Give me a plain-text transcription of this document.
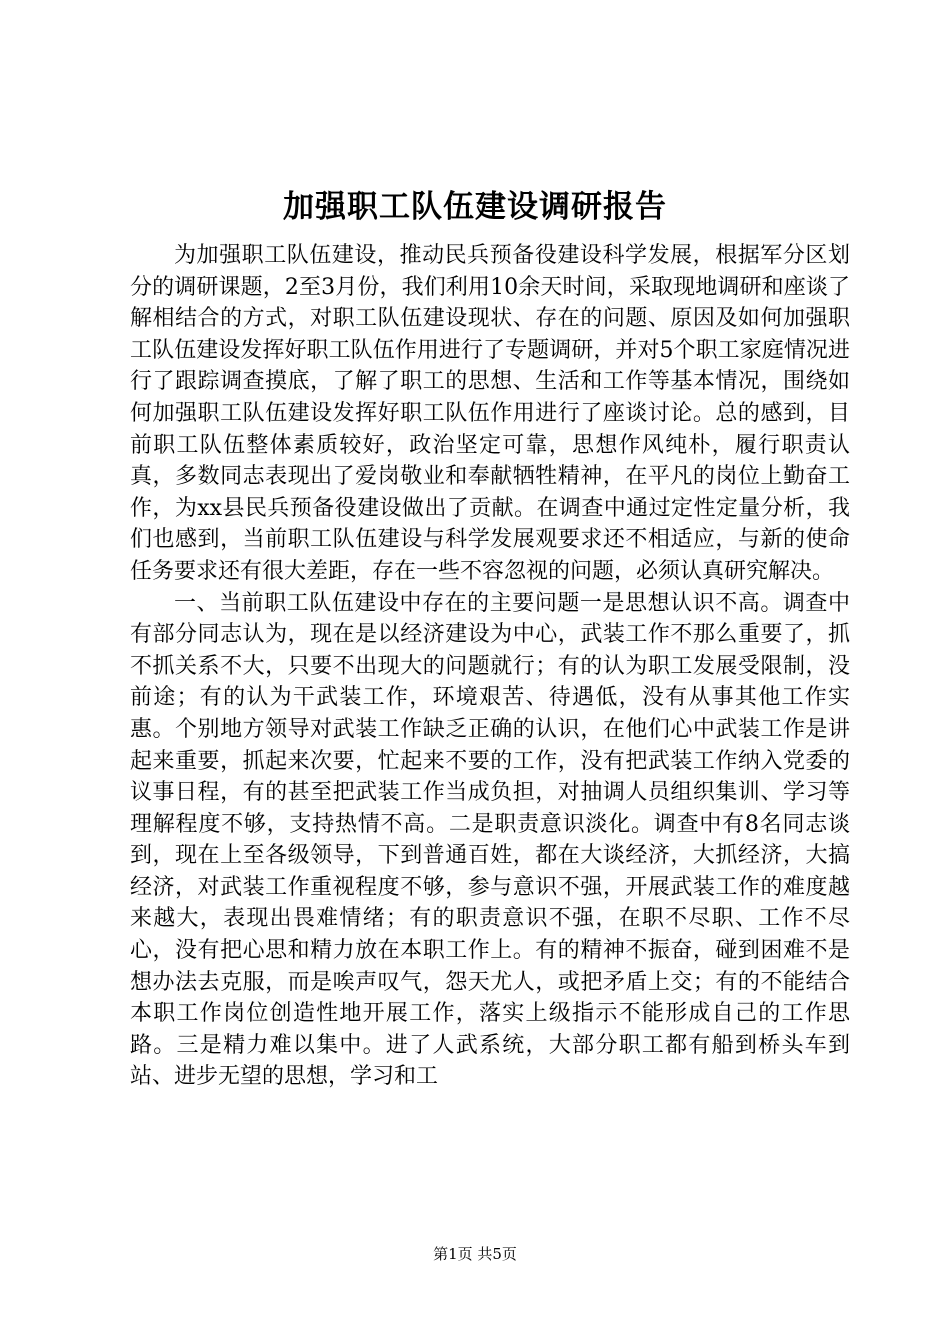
加强职工队伍建设调研报告

为加强职工队伍建设，推动民兵预备役建设科学发展，根据军分区划分的调研课题，2至3月份，我们利用10余天时间，采取现地调研和座谈了解相结合的方式，对职工队伍建设现状、存在的问题、原因及如何加强职工队伍建设发挥好职工队伍作用进行了专题调研，并对5个职工家庭情况进行了跟踪调查摸底，了解了职工的思想、生活和工作等基本情况，围绕如何加强职工队伍建设发挥好职工队伍作用进行了座谈讨论。总的感到，目前职工队伍整体素质较好，政治坚定可靠，思想作风纯朴，履行职责认真，多数同志表现出了爱岗敬业和奉献牺牲精神，在平凡的岗位上勤奋工作，为xx县民兵预备役建设做出了贡献。在调查中通过定性定量分析，我们也感到，当前职工队伍建设与科学发展观要求还不相适应，与新的使命任务要求还有很大差距，存在一些不容忽视的问题，必须认真研究解决。

一、当前职工队伍建设中存在的主要问题一是思想认识不高。调查中有部分同志认为，现在是以经济建设为中心，武装工作不那么重要了，抓不抓关系不大，只要不出现大的问题就行；有的认为职工发展受限制，没前途；有的认为干武装工作，环境艰苦、待遇低，没有从事其他工作实惠。个别地方领导对武装工作缺乏正确的认识，在他们心中武装工作是讲起来重要，抓起来次要，忙起来不要的工作，没有把武装工作纳入党委的议事日程，有的甚至把武装工作当成负担，对抽调人员组织集训、学习等理解程度不够，支持热情不高。二是职责意识淡化。调查中有8名同志谈到，现在上至各级领导，下到普通百姓，都在大谈经济，大抓经济，大搞经济，对武装工作重视程度不够，参与意识不强，开展武装工作的难度越来越大，表现出畏难情绪；有的职责意识不强，在职不尽职、工作不尽心，没有把心思和精力放在本职工作上。有的精神不振奋，碰到困难不是想办法去克服，而是唉声叹气，怨天尤人，或把矛盾上交；有的不能结合本职工作岗位创造性地开展工作，落实上级指示不能形成自己的工作思路。三是精力难以集中。进了人武系统，大部分职工都有船到桥头车到站、进步无望的思想，学习和工

第1页 共5页
